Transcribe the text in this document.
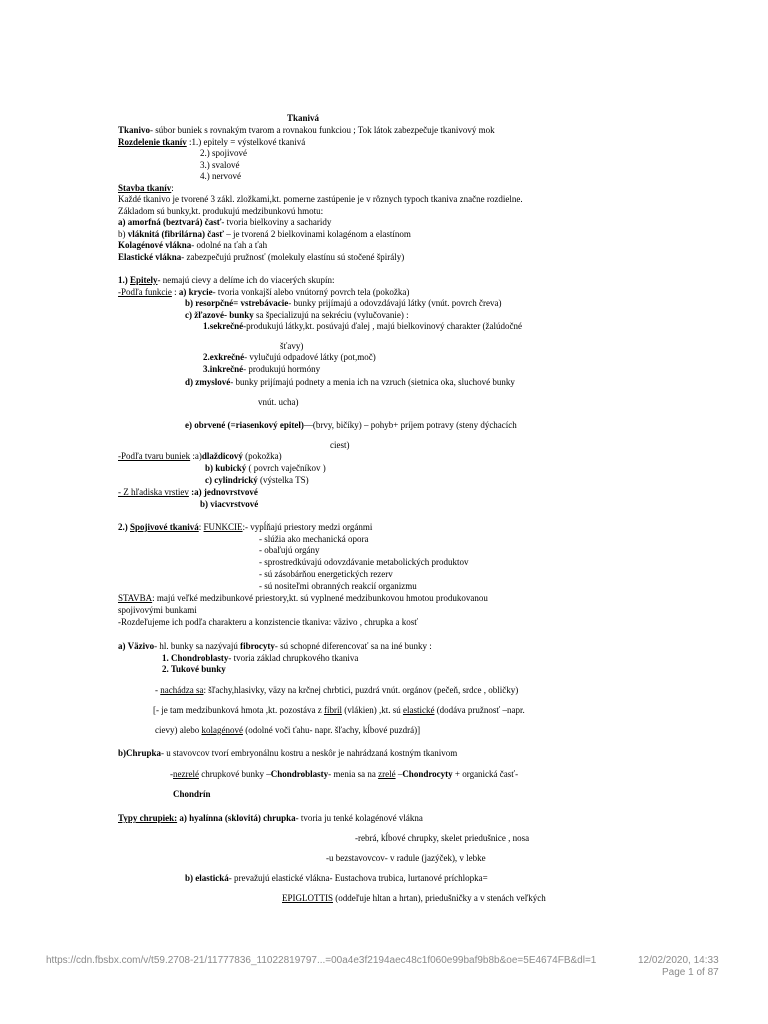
Tkanivá
Tkanivo- súbor buniek s rovnakým tvarom a rovnakou funkciou ; Tok látok zabezpečuje tkanivový mok
Rozdelenie tkanív :1.) epitely = výstelkové tkanivá
2.) spojivové
3.) svalové
4.) nervové
Stavba tkanív:
Každé tkanivo je tvorené 3 zákl. zložkami,kt. pomerne zastúpenie je v rôznych typoch tkaniva značne rozdielne.
Základom sú bunky,kt. produkujú medzibunkovú hmotu:
a) amorfná (beztvará) časť- tvoria bielkoviny a sacharidy
b) vláknitá (fibrilárna) časť – je tvorená 2 bielkovinami kolagénom a elastínom
Kolagénové vlákna- odolné na ťah a ťah
Elastické vlákna- zabezpečujú pružnosť (molekuly elastínu sú stočené špirály)
1.) Epitely- nemajú cievy a delíme ich do viacerých skupín:
-Podľa funkcie : a) krycie- tvoria vonkajší alebo vnútorný povrch tela (pokožka)
b) resorpčné= vstrebávacie- bunky prijímajú a odovzdávajú látky (vnút. povrch čreva)
c) žľazové- bunky sa špecializujú na sekréciu (vylučovanie) :
1.sekrečné-produkujú látky,kt. posúvajú ďalej , majú bielkovinový charakter (žalúdočné
šťavy)
2.exkrečné- vylučujú odpadové látky (pot,moč)
3.inkrečné- produkujú hormóny
d) zmyslové- bunky prijímajú podnety a menia ich na vzruch (sietnica oka, sluchové bunky
vnút. ucha)
e) obrvené (=riasenkový epitel)—(brvy, bičíky) – pohyb+ príjem potravy (steny dýchacích
ciest)
-Podľa tvaru buniek :a)dlaždicový (pokožka)
b) kubický ( povrch vaječníkov )
c) cylindrický (výstelka TS)
- Z hľadiska vrstiev :a) jednovrstvové
b) viacvrstvové
2.) Spojivové tkanivá: FUNKCIE:- vypĺňajú priestory medzi orgánmi
- slúžia ako mechanická opora
- obaľujú orgány
- sprostredkúvajú odovzdávanie metabolických produktov
- sú zásobárňou energetických rezerv
- sú nositeľmi obranných reakcií organizmu
STAVBA: majú veľké medzibunkové priestory,kt. sú vyplnené medzibunkovou hmotou produkovanou
spojivovými bunkami
-Rozdeľujeme ich podľa charakteru a konzistencie tkaniva: väzivo , chrupka a kosť
a) Väzivo- hl. bunky sa nazývajú fibrocyty- sú schopné diferencovať sa na iné bunky :
1. Chondroblasty- tvoria základ chrupkového tkaniva
2. Tukové bunky
- nachádza sa: šľachy,hlasivky, väzy na krčnej chrbtici, puzdrá vnút. orgánov (pečeň, srdce , obličky)
[- je tam medzibunková hmota ,kt. pozostáva z fibril (vlákien) ,kt. sú elastické (dodáva pružnosť –napr.
cievy) alebo kolagénové (odolné voči ťahu- napr. šľachy, kĺbové puzdrá)]
b)Chrupka- u stavovcov tvorí embryonálnu kostru a neskôr je nahrádzaná kostným tkanivom
-nezrelé chrupkové bunky –Chondroblasty- menia sa na zrelé –Chondrocyty + organická časť-
Chondrín
Typy chrupiek: a) hyalínna (sklovitá) chrupka- tvoria ju tenké kolagénové vlákna
-rebrá, kĺbové chrupky, skelet priedušnice , nosa
-u bezstavovcov- v radule (jazýček), v lebke
b) elastická- prevažujú elastické vlákna- Eustachova trubica, lurtanové príchlopka=
EPIGLOTTIS (oddeľuje hltan a hrtan), priedušničky a v stenách veľkých
https://cdn.fbsbx.com/v/t59.2708-21/11777836_11022819797...=00a4e3f2194aec48c1f060e99baf9b8b&oe=5E4674FB&dl=1	12/02/2020, 14:33
Page 1 of 87
